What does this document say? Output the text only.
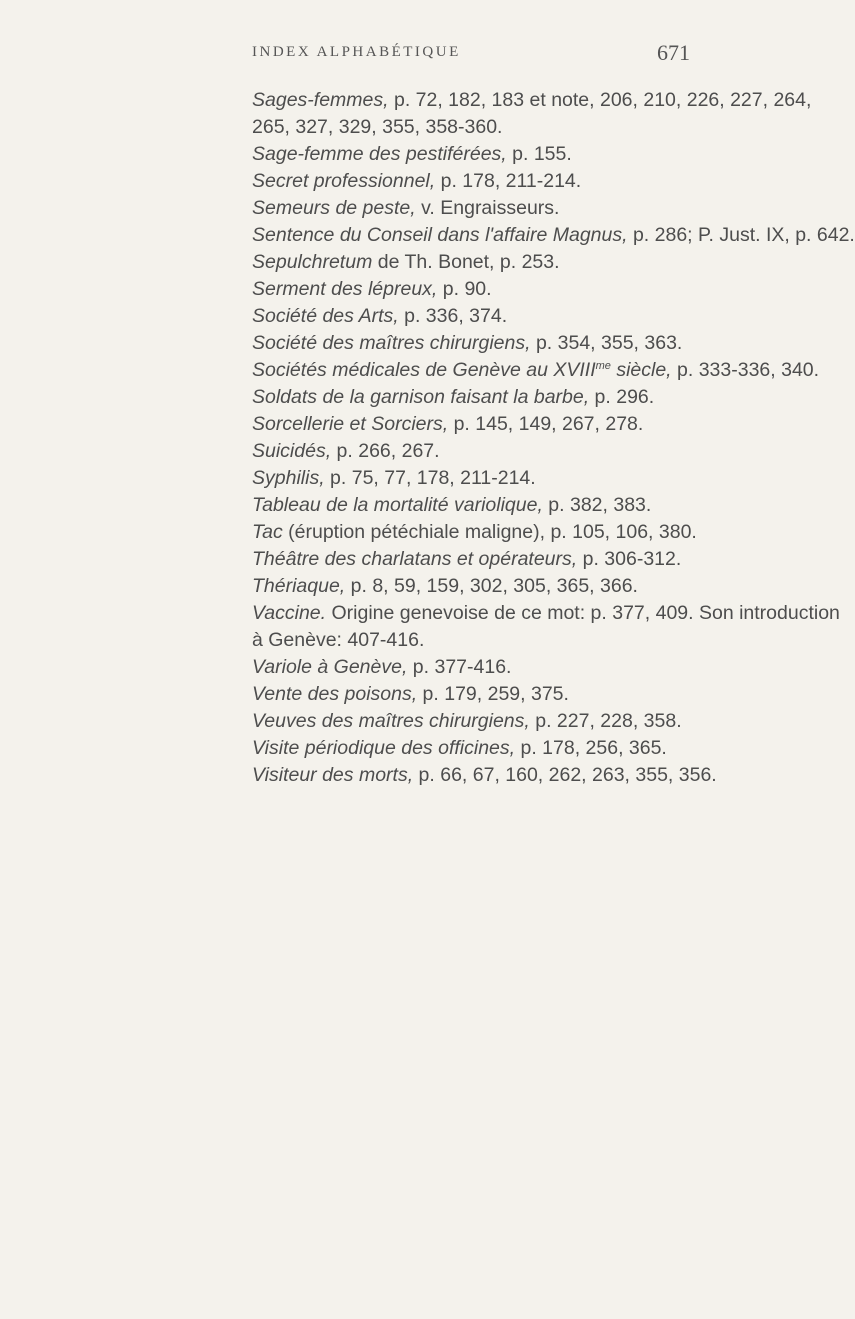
INDEX ALPHABÉTIQUE	671
Sages-femmes, p. 72, 182, 183 et note, 206, 210, 226, 227, 264,
265, 327, 329, 355, 358-360.
Sage-femme des pestiférées, p. 155.
Secret professionnel, p. 178, 211-214.
Semeurs de peste, v. Engraisseurs.
Sentence du Conseil dans l'affaire Magnus, p. 286; P. Just. IX, p. 642.
Sepulchretum de Th. Bonet, p. 253.
Serment des lépreux, p. 90.
Société des Arts, p. 336, 374.
Société des maîtres chirurgiens, p. 354, 355, 363.
Sociétés médicales de Genève au $XVIII^{me}$ siècle, p. 333-336, 340.
Soldats de la garnison faisant la barbe, p. 296.
Sorcellerie et Sorciers, p. 145, 149, 267, 278.
Suicidés, p. 266, 267.
Syphilis, p. 75, 77, 178, 211-214.
Tableau de la mortalité variolique, p. 382, 383.
Tac (éruption pétéchiale maligne), p. 105, 106, 380.
Théâtre des charlatans et opérateurs, p. 306-312.
Thériaque, p. 8, 59, 159, 302, 305, 365, 366.
Vaccine. Origine genevoise de ce mot: p. 377, 409. Son introduction
à Genève: 407-416.
Variole à Genève, p. 377-416.
Vente des poisons, p. 179, 259, 375.
Veuves des maîtres chirurgiens, p. 227, 228, 358.
Visite périodique des officines, p. 178, 256, 365.
Visiteur des morts, p. 66, 67, 160, 262, 263, 355, 356.
